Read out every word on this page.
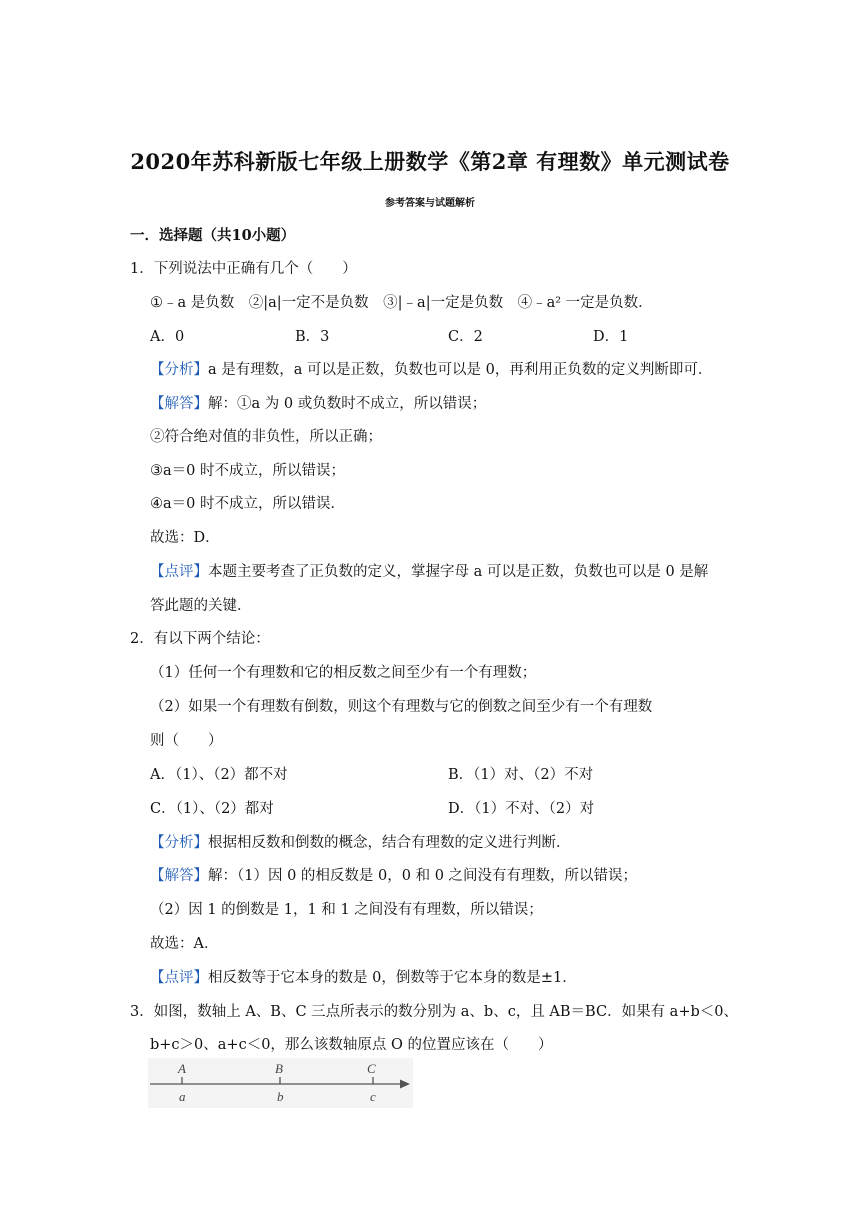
2020年苏科新版七年级上册数学《第2章 有理数》单元测试卷
参考答案与试题解析
一．选择题（共10小题）
1．下列说法中正确有几个（　　）
①﹣a 是负数　②|a|一定不是负数　③|﹣a|一定是负数　④﹣a² 一定是负数．
A．0	B．3	C．2	D．1
【分析】a 是有理数，a 可以是正数，负数也可以是 0，再利用正负数的定义判断即可．
【解答】解：①a 为 0 或负数时不成立，所以错误；
②符合绝对值的非负性，所以正确；
③a＝0 时不成立，所以错误；
④a＝0 时不成立，所以错误．
故选：D．
【点评】本题主要考查了正负数的定义，掌握字母 a 可以是正数，负数也可以是 0 是解
答此题的关键．
2．有以下两个结论：
（1）任何一个有理数和它的相反数之间至少有一个有理数；
（2）如果一个有理数有倒数，则这个有理数与它的倒数之间至少有一个有理数
则（　　）
A．（1）、（2）都不对	B．（1）对、（2）不对
C．（1）、（2）都对	D．（1）不对、（2）对
【分析】根据相反数和倒数的概念，结合有理数的定义进行判断．
【解答】解：（1）因 0 的相反数是 0，0 和 0 之间没有有理数，所以错误；
（2）因 1 的倒数是 1，1 和 1 之间没有有理数，所以错误；
故选：A．
【点评】相反数等于它本身的数是 0，倒数等于它本身的数是±1．
3．如图，数轴上 A、B、C 三点所表示的数分别为 a、b、c，且 AB＝BC．如果有 a+b＜0、
b+c＞0、a+c＜0，那么该数轴原点 O 的位置应该在（　　）
A	B	C
a	b	c
